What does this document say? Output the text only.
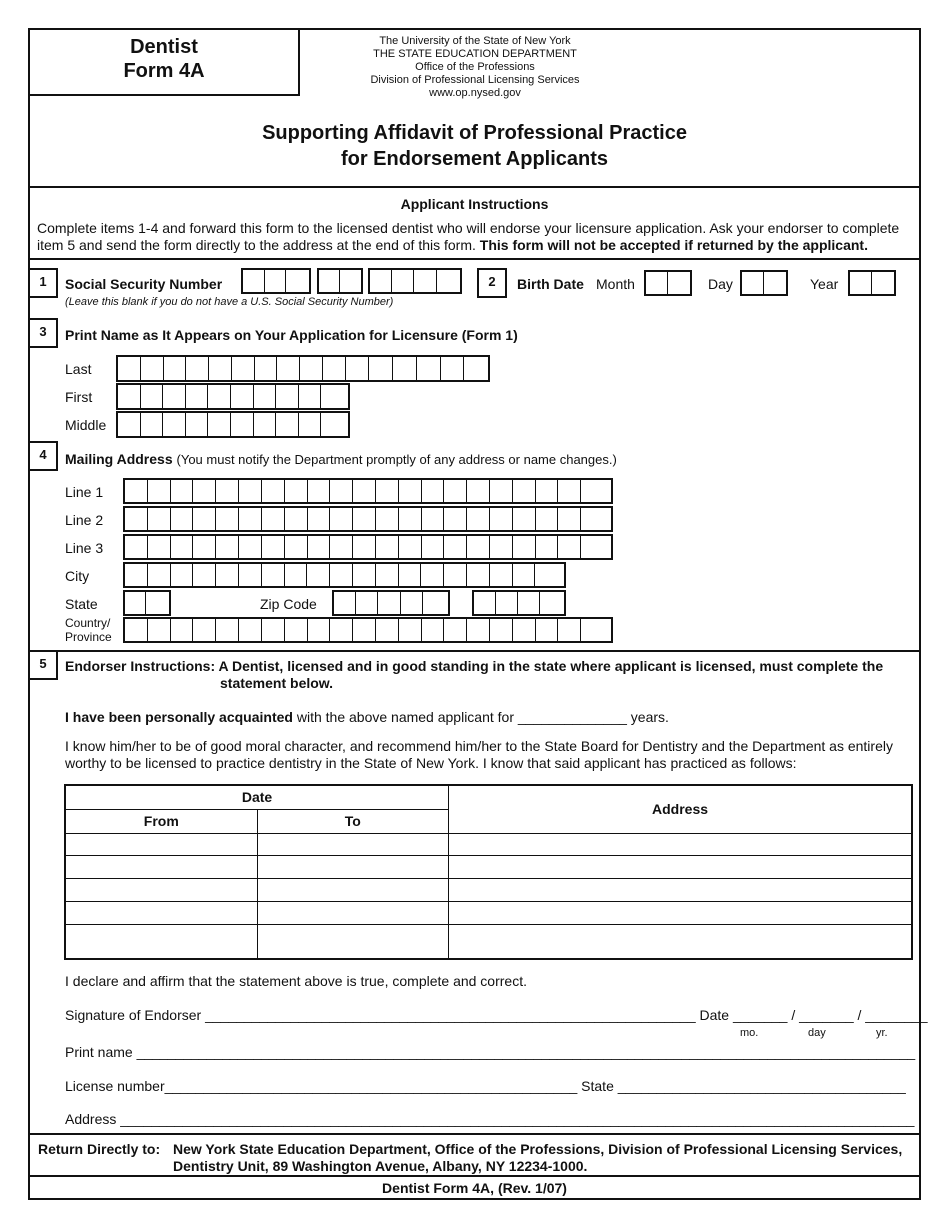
Dentist
Form 4A
The University of the State of New York
THE STATE EDUCATION DEPARTMENT
Office of the Professions
Division of Professional Licensing Services
www.op.nysed.gov
Supporting Affidavit of Professional Practice
for Endorsement Applicants
Applicant Instructions
Complete items 1-4 and forward this form to the licensed dentist who will endorse your licensure application. Ask your endorser to complete item 5 and send the form directly to the address at the end of this form. This form will not be accepted if returned by the applicant.
1	Social Security Number
(Leave this blank if you do not have a U.S. Social Security Number)
2	Birth Date Month	Day	Year
3	Print Name as It Appears on Your Application for Licensure (Form 1)
Last
First
Middle
4	Mailing Address (You must notify the Department promptly of any address or name changes.)
Line 1
Line 2
Line 3
City
State	Zip Code
Country/
Province
5	Endorser Instructions: A Dentist, licensed and in good standing in the state where applicant is licensed, must complete the
statement below.
I have been personally acquainted with the above named applicant for ______________ years.
I know him/her to be of good moral character, and recommend him/her to the State Board for Dentistry and the Department as entirely
worthy to be licensed to practice dentistry in the State of New York. I know that said applicant has practiced as follows:
Date		Address
From	To	

I declare and affirm that the statement above is true, complete and correct.
Signature of Endorser _______________________________________________________________ Date _______ / _______ / ________
mo.	day	yr.
Print name ____________________________________________________________________________________________________
License number_____________________________________________________ State _____________________________________
Address ______________________________________________________________________________________________________
Return Directly to: New York State Education Department, Office of the Professions, Division of Professional Licensing Services,
Dentistry Unit, 89 Washington Avenue, Albany, NY 12234-1000.
Dentist Form 4A, (Rev. 1/07)
